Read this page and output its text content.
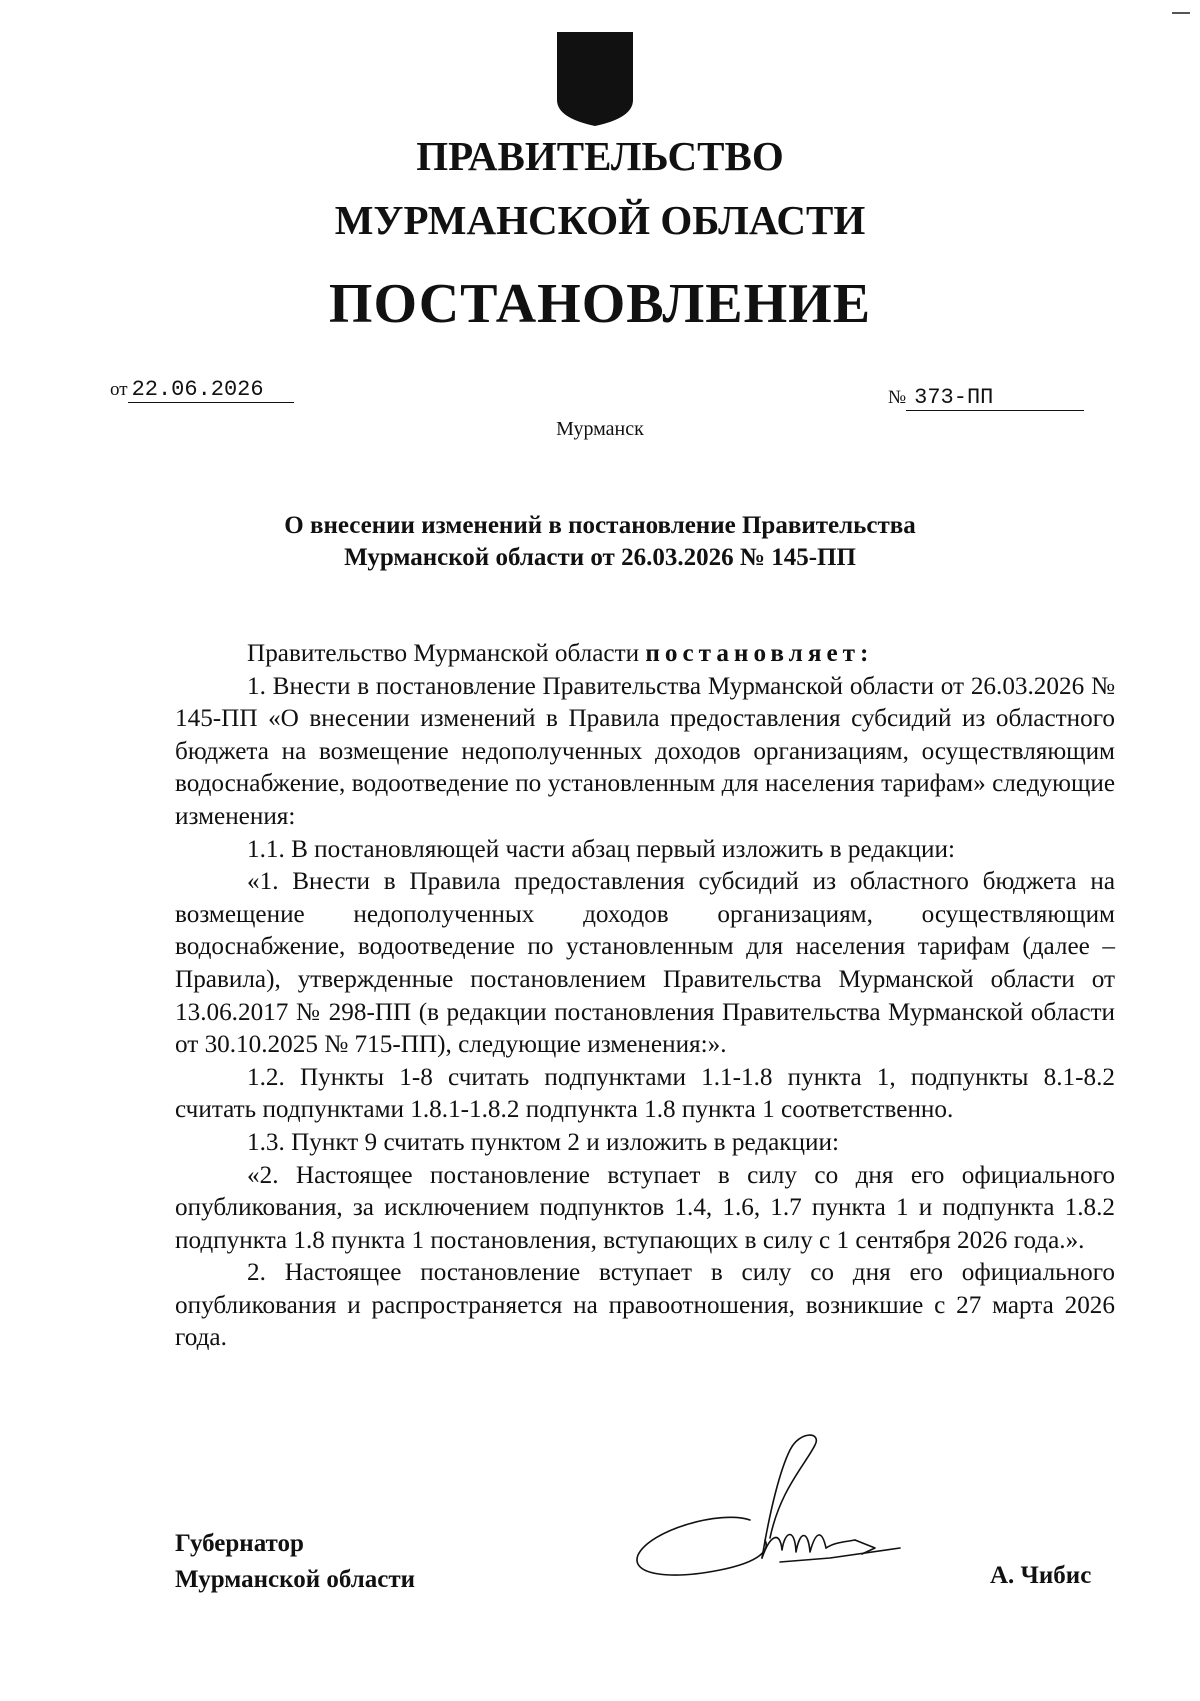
ПРАВИТЕЛЬСТВО
МУРМАНСКОЙ ОБЛАСТИ
ПОСТАНОВЛЕНИЕ
от 22.06.2026	№ 373-ПП
Мурманск
О внесении изменений в постановление Правительства
Мурманской области от 26.03.2026 № 145-ПП

Правительство Мурманской области постановляет:

1. Внести в постановление Правительства Мурманской области от 26.03.2026 № 145-ПП «О внесении изменений в Правила предоставления субсидий из областного бюджета на возмещение недополученных доходов организациям, осуществляющим водоснабжение, водоотведение по установленным для населения тарифам» следующие изменения:

1.1. В постановляющей части абзац первый изложить в редакции:

«1. Внести в Правила предоставления субсидий из областного бюджета на возмещение недополученных доходов организациям, осуществляющим водоснабжение, водоотведение по установленным для населения тарифам (далее – Правила), утвержденные постановлением Правительства Мурманской области от 13.06.2017 № 298-ПП (в редакции постановления Правительства Мурманской области от 30.10.2025 № 715-ПП), следующие изменения:».

1.2. Пункты 1-8 считать подпунктами 1.1-1.8 пункта 1, подпункты 8.1-8.2 считать подпунктами 1.8.1-1.8.2 подпункта 1.8 пункта 1 соответственно.

1.3. Пункт 9 считать пунктом 2 и изложить в редакции:

«2. Настоящее постановление вступает в силу со дня его официального опубликования, за исключением подпунктов 1.4, 1.6, 1.7 пункта 1 и подпункта 1.8.2 подпункта 1.8 пункта 1 постановления, вступающих в силу с 1 сентября 2026 года.».

2. Настоящее постановление вступает в силу со дня его официального опубликования и распространяется на правоотношения, возникшие с 27 марта 2026 года.

Губернатор
Мурманской области	А. Чибис
